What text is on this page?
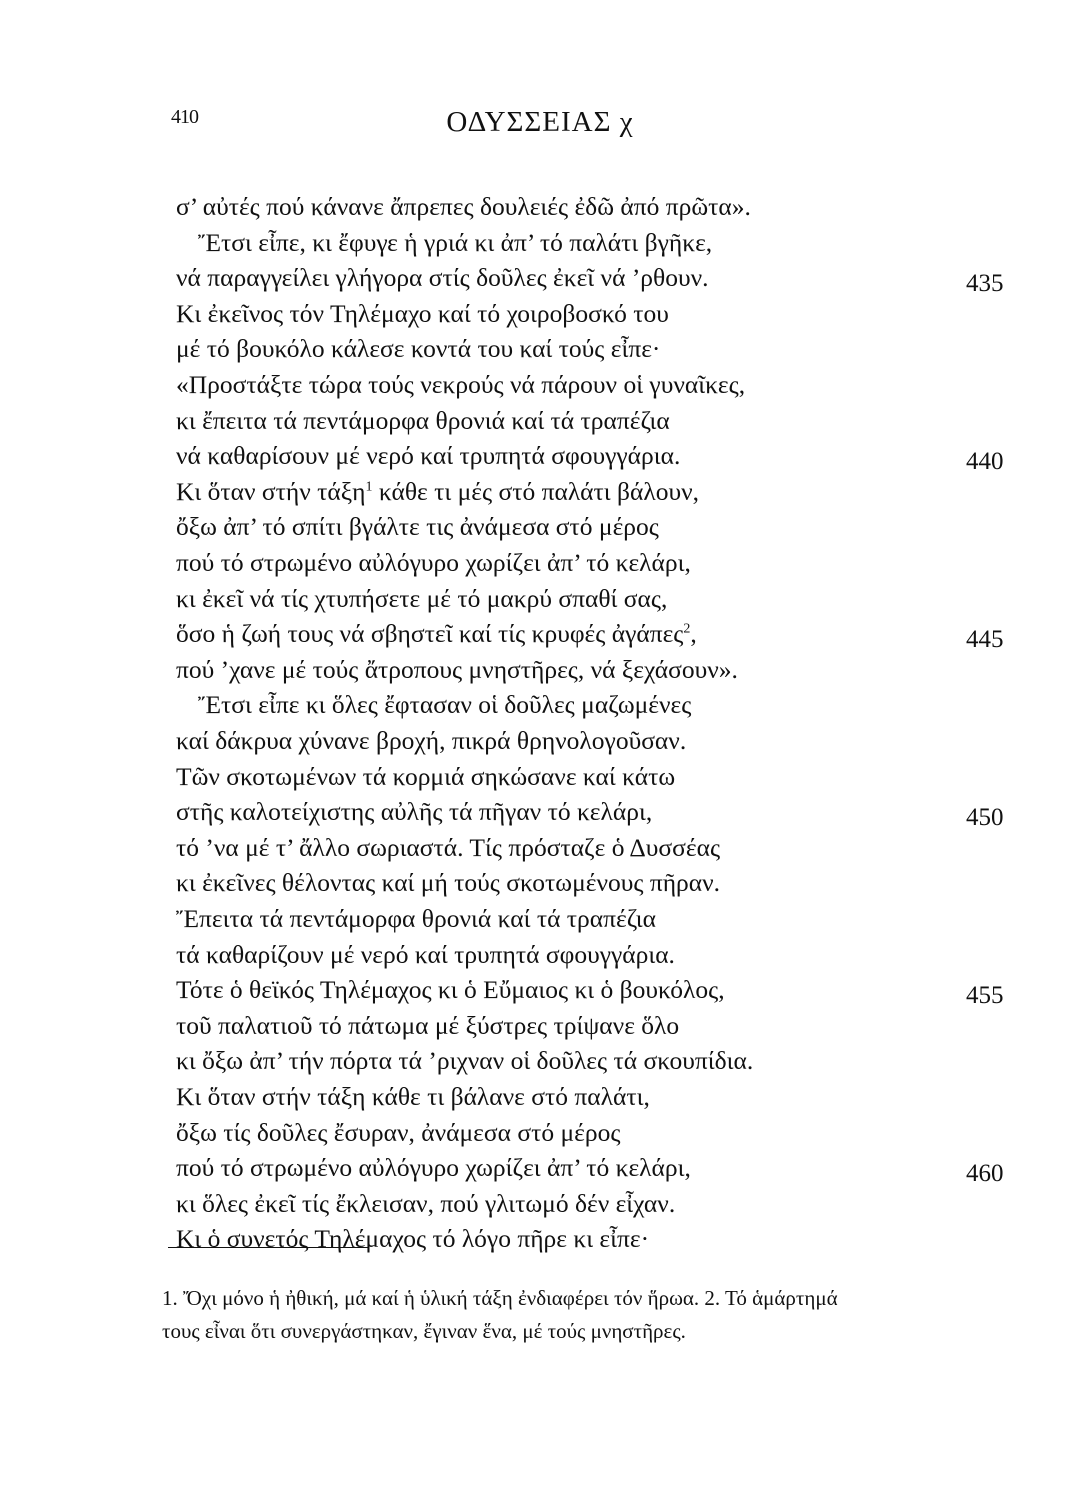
410	ΟΔΥΣΣΕΙΑΣ χ
σ’ αὐτές πού κάνανε ἄπρεπες δουλειές ἐδῶ ἀπό πρῶτα».
Ἔτσι εἶπε, κι ἔφυγε ἡ γριά κι ἀπ’ τό παλάτι βγῆκε,
νά παραγγείλει γλήγορα στίς δοῦλες ἐκεῖ νά ’ρθουν.
Κι ἐκεῖνος τόν Τηλέμαχο καί τό χοιροβοσκό του
μέ τό βουκόλο κάλεσε κοντά του καί τούς εἶπε·
«Προστάξτε τώρα τούς νεκρούς νά πάρουν οἱ γυναῖκες,
κι ἔπειτα τά πεντάμορφα θρονιά καί τά τραπέζια
νά καθαρίσουν μέ νερό καί τρυπητά σφουγγάρια.
Κι ὅταν στήν τάξη$^1$ κάθε τι μές στό παλάτι βάλουν,
ὄξω ἀπ’ τό σπίτι βγάλτε τις ἀνάμεσα στό μέρος
πού τό στρωμένο αὐλόγυρο χωρίζει ἀπ’ τό κελάρι,
κι ἐκεῖ νά τίς χτυπήσετε μέ τό μακρύ σπαθί σας,
ὅσο ἡ ζωή τους νά σβηστεῖ καί τίς κρυφές ἀγάπες$^2$,
πού ’χανε μέ τούς ἄτροπους μνηστῆρες, νά ξεχάσουν».
Ἔτσι εἶπε κι ὅλες ἔφτασαν οἱ δοῦλες μαζωμένες
καί δάκρυα χύνανε βροχή, πικρά θρηνολογοῦσαν.
Τῶν σκοτωμένων τά κορμιά σηκώσανε καί κάτω
στῆς καλοτείχιστης αὐλῆς τά πῆγαν τό κελάρι,
τό ’να μέ τ’ ἄλλο σωριαστά. Τίς πρόσταζε ὁ Δυσσέας
κι ἐκεῖνες θέλοντας καί μή τούς σκοτωμένους πῆραν.
Ἔπειτα τά πεντάμορφα θρονιά καί τά τραπέζια
τά καθαρίζουν μέ νερό καί τρυπητά σφουγγάρια.
Τότε ὁ θεϊκός Τηλέμαχος κι ὁ Εὔμαιος κι ὁ βουκόλος,
τοῦ παλατιοῦ τό πάτωμα μέ ξύστρες τρίψανε ὅλο
κι ὄξω ἀπ’ τήν πόρτα τά ’ριχναν οἱ δοῦλες τά σκουπίδια.
Κι ὅταν στήν τάξη κάθε τι βάλανε στό παλάτι,
ὄξω τίς δοῦλες ἔσυραν, ἀνάμεσα στό μέρος
πού τό στρωμένο αὐλόγυρο χωρίζει ἀπ’ τό κελάρι,
κι ὅλες ἐκεῖ τίς ἔκλεισαν, πού γλιτωμό δέν εἶχαν.
Κι ὁ συνετός Τηλέμαχος τό λόγο πῆρε κι εἶπε·
435
440
445
450
455
460
1. Ὄχι μόνο ἡ ἠθική, μά καί ἡ ὑλική τάξη ἐνδιαφέρει τόν ἥρωα. 2. Τό ἁμάρτημά
τους εἶναι ὅτι συνεργάστηκαν, ἔγιναν ἕνα, μέ τούς μνηστῆρες.
